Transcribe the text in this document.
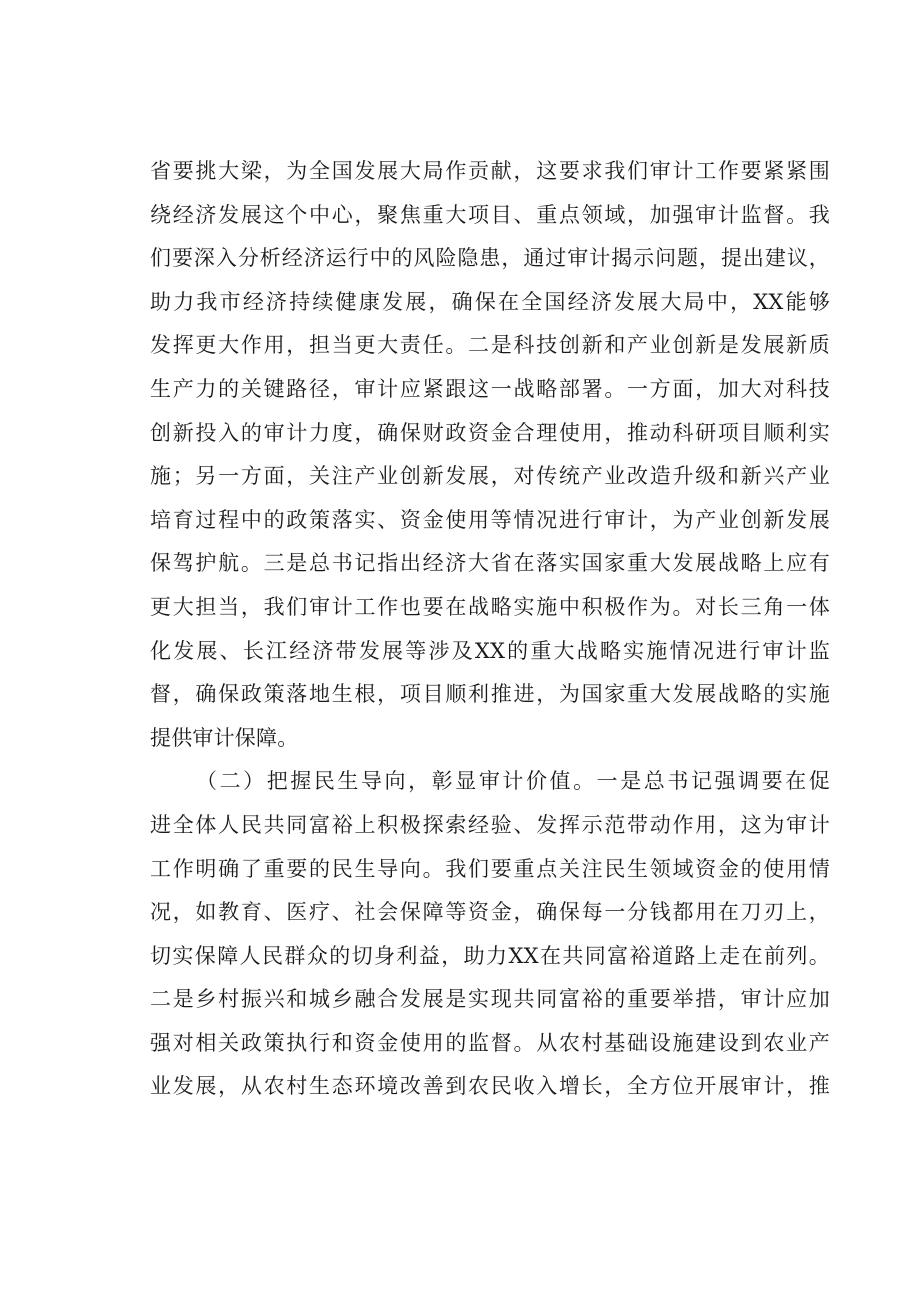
省要挑大梁，为全国发展大局作贡献，这要求我们审计工作要紧紧围
绕经济发展这个中心，聚焦重大项目、重点领域，加强审计监督。我
们要深入分析经济运行中的风险隐患，通过审计揭示问题，提出建议，
助力我市经济持续健康发展，确保在全国经济发展大局中，XX能够
发挥更大作用，担当更大责任。二是科技创新和产业创新是发展新质
生产力的关键路径，审计应紧跟这一战略部署。一方面，加大对科技
创新投入的审计力度，确保财政资金合理使用，推动科研项目顺利实
施；另一方面，关注产业创新发展，对传统产业改造升级和新兴产业
培育过程中的政策落实、资金使用等情况进行审计，为产业创新发展
保驾护航。三是总书记指出经济大省在落实国家重大发展战略上应有
更大担当，我们审计工作也要在战略实施中积极作为。对长三角一体
化发展、长江经济带发展等涉及XX的重大战略实施情况进行审计监
督，确保政策落地生根，项目顺利推进，为国家重大发展战略的实施
提供审计保障。
（二）把握民生导向，彰显审计价值。一是总书记强调要在促
进全体人民共同富裕上积极探索经验、发挥示范带动作用，这为审计
工作明确了重要的民生导向。我们要重点关注民生领域资金的使用情
况，如教育、医疗、社会保障等资金，确保每一分钱都用在刀刃上，
切实保障人民群众的切身利益，助力XX在共同富裕道路上走在前列。
二是乡村振兴和城乡融合发展是实现共同富裕的重要举措，审计应加
强对相关政策执行和资金使用的监督。从农村基础设施建设到农业产
业发展，从农村生态环境改善到农民收入增长，全方位开展审计，推
